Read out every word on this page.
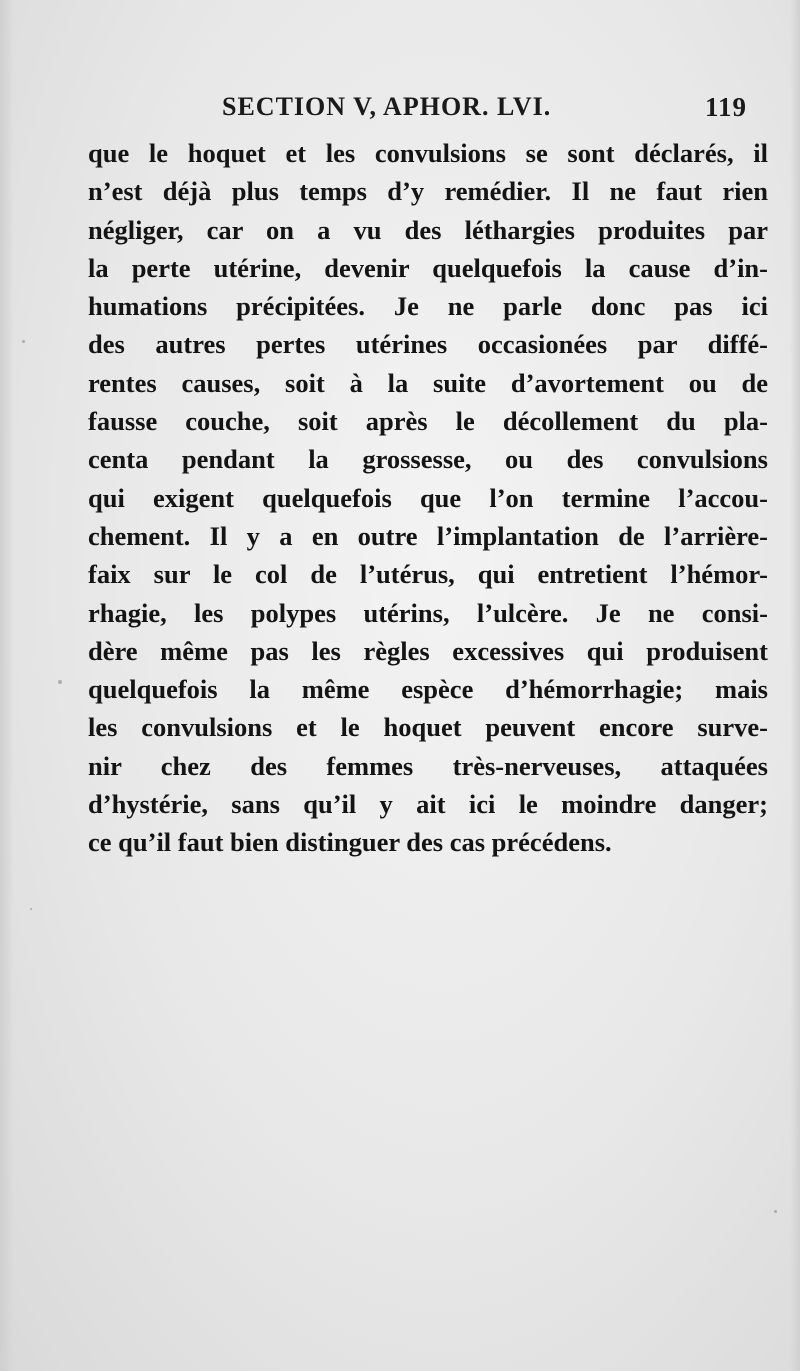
SECTION V, APHOR. LVI.	119
que le hoquet et les convulsions se sont déclarés, il
n’est déjà plus temps d’y remédier. Il ne faut rien
négliger, car on a vu des léthargies produites par
la perte utérine, devenir quelquefois la cause d’in-
humations précipitées. Je ne parle donc pas ici
des autres pertes utérines occasionées par diffé-
rentes causes, soit à la suite d’avortement ou de
fausse couche, soit après le décollement du pla-
centa pendant la grossesse, ou des convulsions
qui exigent quelquefois que l’on termine l’accou-
chement. Il y a en outre l’implantation de l’arrière-
faix sur le col de l’utérus, qui entretient l’hémor-
rhagie, les polypes utérins, l’ulcère. Je ne consi-
dère même pas les règles excessives qui produisent
quelquefois la même espèce d’hémorrhagie; mais
les convulsions et le hoquet peuvent encore surve-
nir chez des femmes très-nerveuses, attaquées
d’hystérie, sans qu’il y ait ici le moindre danger;
ce qu’il faut bien distinguer des cas précédens.
